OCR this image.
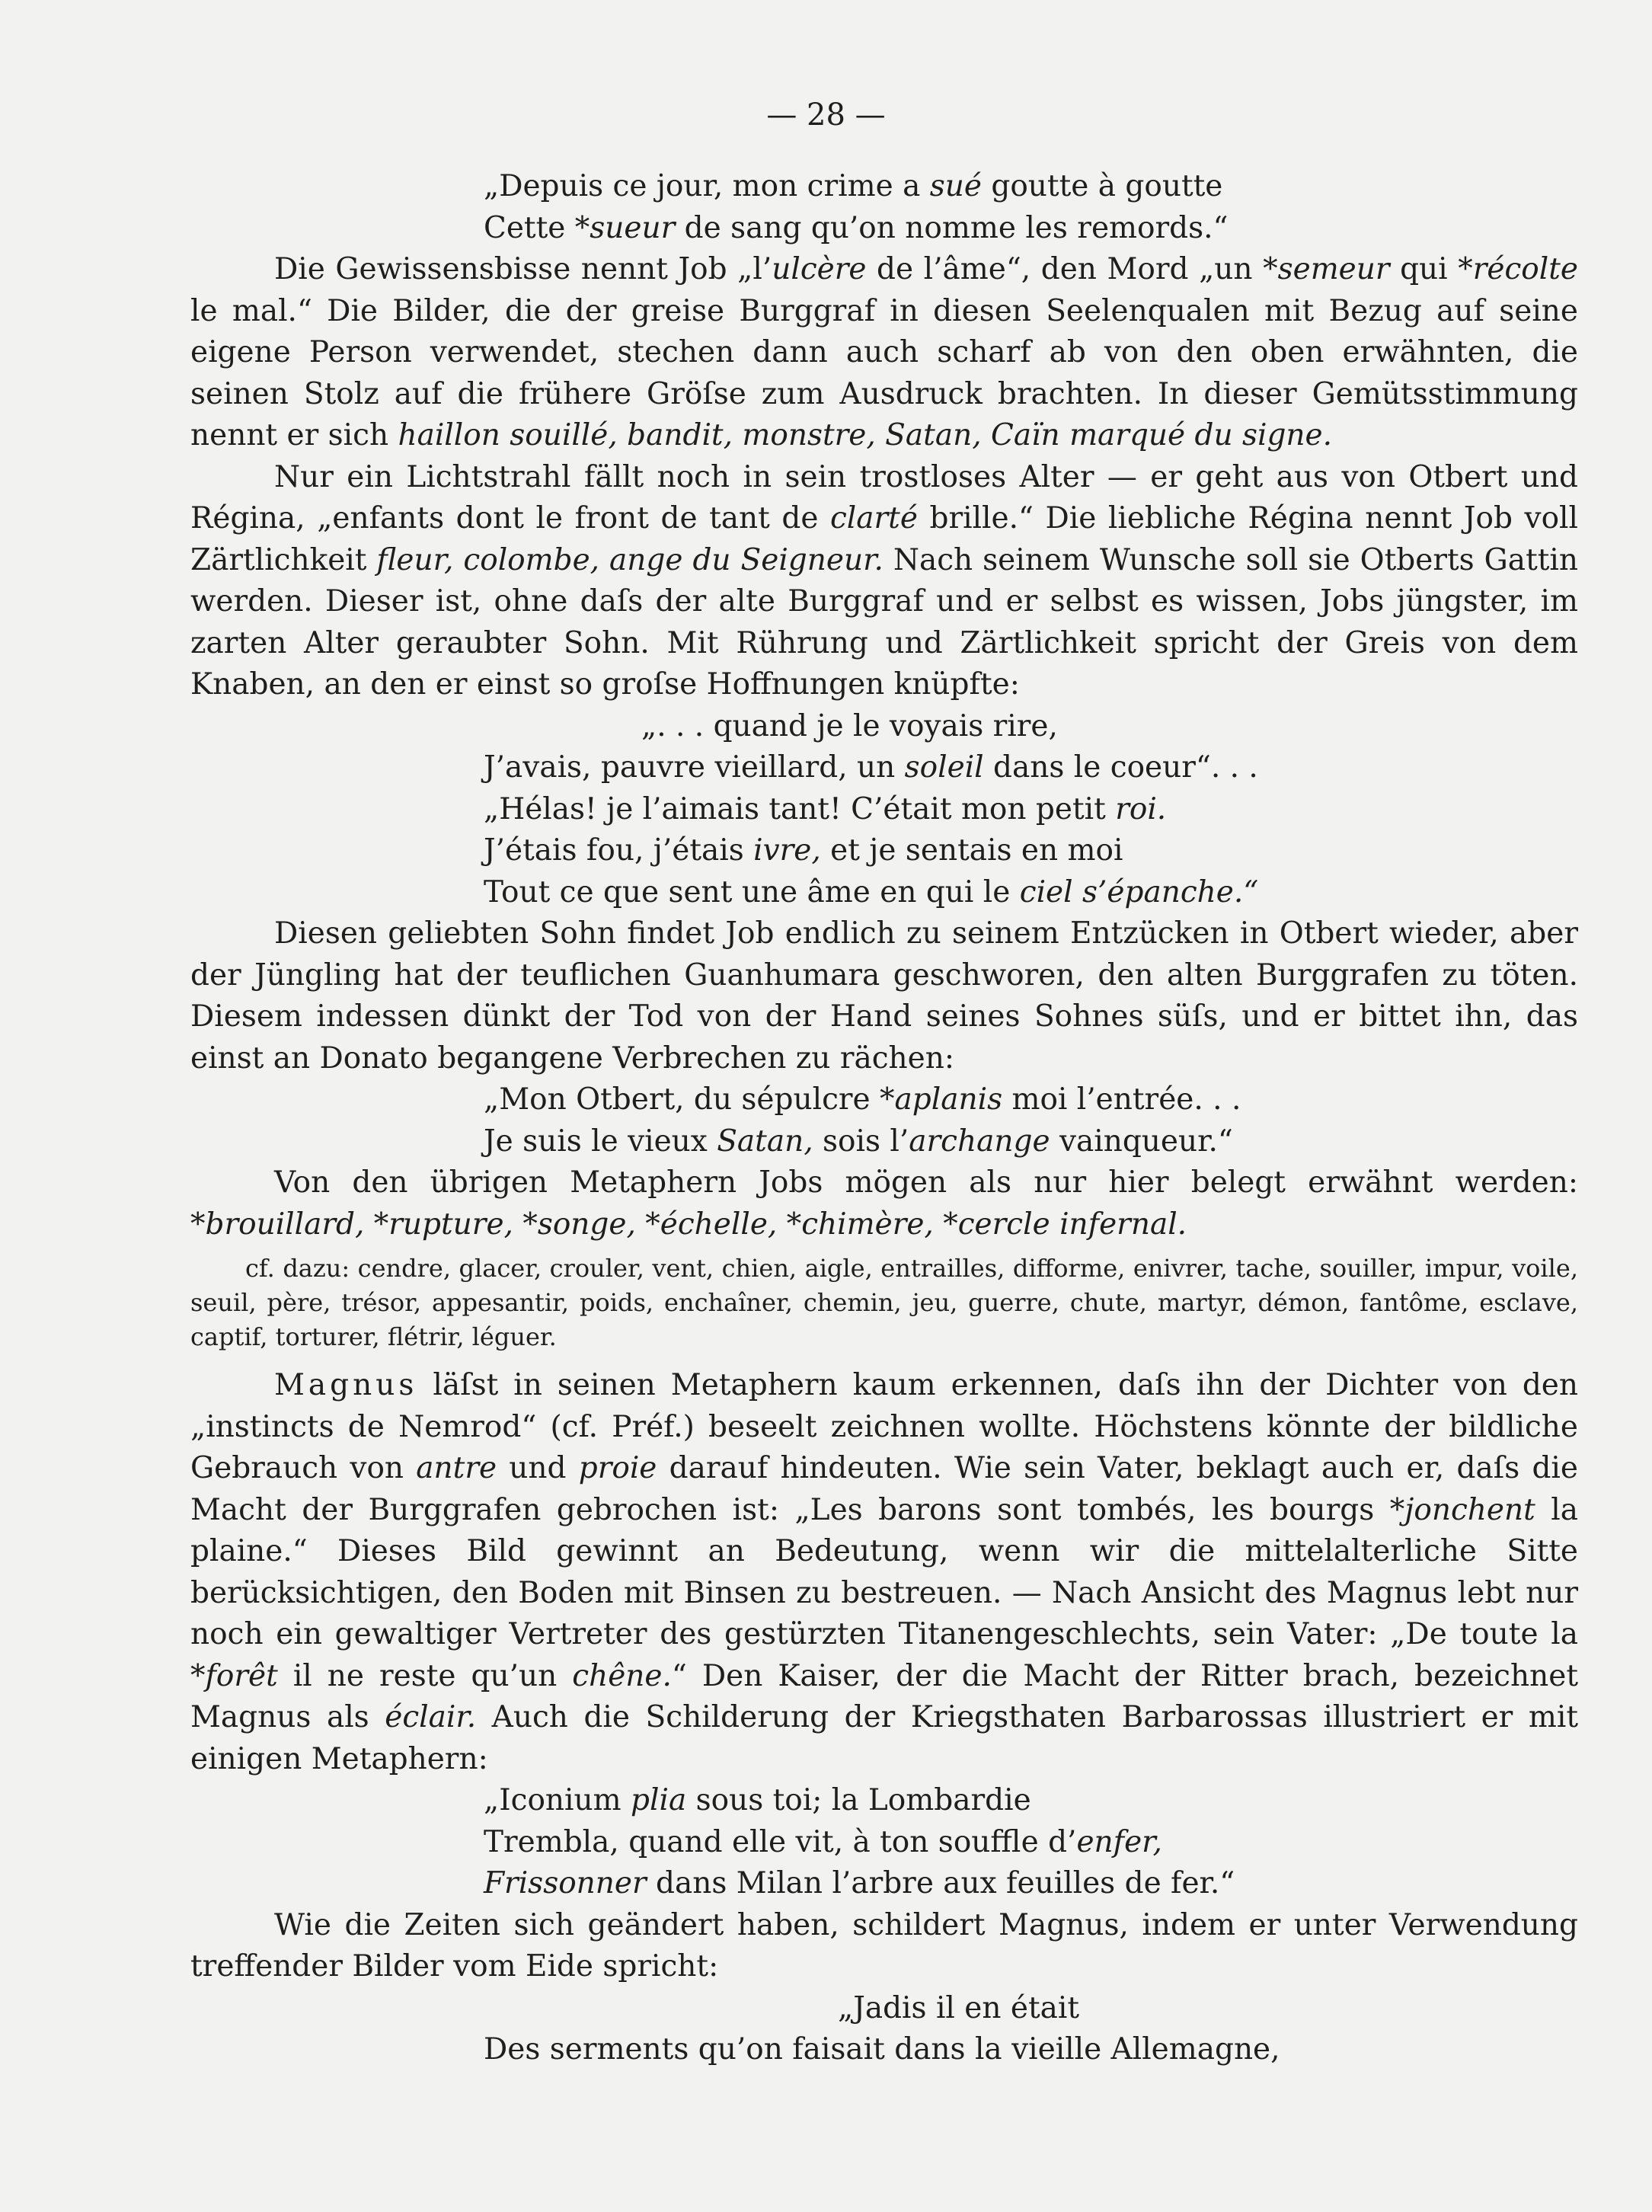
— 28 —
„Depuis ce jour, mon crime a sué goutte à goutte
Cette *sueur de sang qu’on nomme les remords.“

Die Gewissensbisse nennt Job „l’ulcère de l’âme“, den Mord „un *semeur qui *récolte le mal.“ Die Bilder, die der greise Burggraf in diesen Seelenqualen mit Bezug auf seine eigene Person verwendet, stechen dann auch scharf ab von den oben erwähnten, die seinen Stolz auf die frühere Gröſse zum Ausdruck brachten. In dieser Gemütsstimmung nennt er sich haillon souillé, bandit, monstre, Satan, Caïn marqué du signe.

Nur ein Lichtstrahl fällt noch in sein trostloses Alter — er geht aus von Otbert und Régina, „enfants dont le front de tant de clarté brille.“ Die liebliche Régina nennt Job voll Zärtlichkeit fleur, colombe, ange du Seigneur. Nach seinem Wunsche soll sie Otberts Gattin werden. Dieser ist, ohne daſs der alte Burggraf und er selbst es wissen, Jobs jüngster, im zarten Alter geraubter Sohn. Mit Rührung und Zärtlichkeit spricht der Greis von dem Knaben, an den er einst so groſse Hoffnungen knüpfte:

„. . . quand je le voyais rire,
J’avais, pauvre vieillard, un soleil dans le coeur“. . .
„Hélas! je l’aimais tant! C’était mon petit roi.
J’étais fou, j’étais ivre, et je sentais en moi
Tout ce que sent une âme en qui le ciel s’épanche.“

Diesen geliebten Sohn findet Job endlich zu seinem Entzücken in Otbert wieder, aber der Jüngling hat der teuflichen Guanhumara geschworen, den alten Burggrafen zu töten. Diesem indessen dünkt der Tod von der Hand seines Sohnes süſs, und er bittet ihn, das einst an Donato begangene Verbrechen zu rächen:

„Mon Otbert, du sépulcre *aplanis moi l’entrée. . .
Je suis le vieux Satan, sois l’archange vainqueur.“

Von den übrigen Metaphern Jobs mögen als nur hier belegt erwähnt werden: *brouillard, *rupture, *songe, *échelle, *chimère, *cercle infernal.

cf. dazu: cendre, glacer, crouler, vent, chien, aigle, entrailles, difforme, enivrer, tache, souiller, impur, voile, seuil, père, trésor, appesantir, poids, enchaîner, chemin, jeu, guerre, chute, martyr, démon, fantôme, esclave, captif, torturer, flétrir, léguer.

Magnus läſst in seinen Metaphern kaum erkennen, daſs ihn der Dichter von den „instincts de Nemrod“ (cf. Préf.) beseelt zeichnen wollte. Höchstens könnte der bildliche Gebrauch von antre und proie darauf hindeuten. Wie sein Vater, beklagt auch er, daſs die Macht der Burggrafen gebrochen ist: „Les barons sont tombés, les bourgs *jonchent la plaine.“ Dieses Bild gewinnt an Bedeutung, wenn wir die mittelalterliche Sitte berücksichtigen, den Boden mit Binsen zu bestreuen. — Nach Ansicht des Magnus lebt nur noch ein gewaltiger Vertreter des gestürzten Titanengeschlechts, sein Vater: „De toute la *forêt il ne reste qu’un chêne.“ Den Kaiser, der die Macht der Ritter brach, bezeichnet Magnus als éclair. Auch die Schilderung der Kriegsthaten Barbarossas illustriert er mit einigen Metaphern:

„Iconium plia sous toi; la Lombardie
Trembla, quand elle vit, à ton souffle d’enfer,
Frissonner dans Milan l’arbre aux feuilles de fer.“

Wie die Zeiten sich geändert haben, schildert Magnus, indem er unter Verwendung treffender Bilder vom Eide spricht:

„Jadis il en était
Des serments qu’on faisait dans la vieille Allemagne,
